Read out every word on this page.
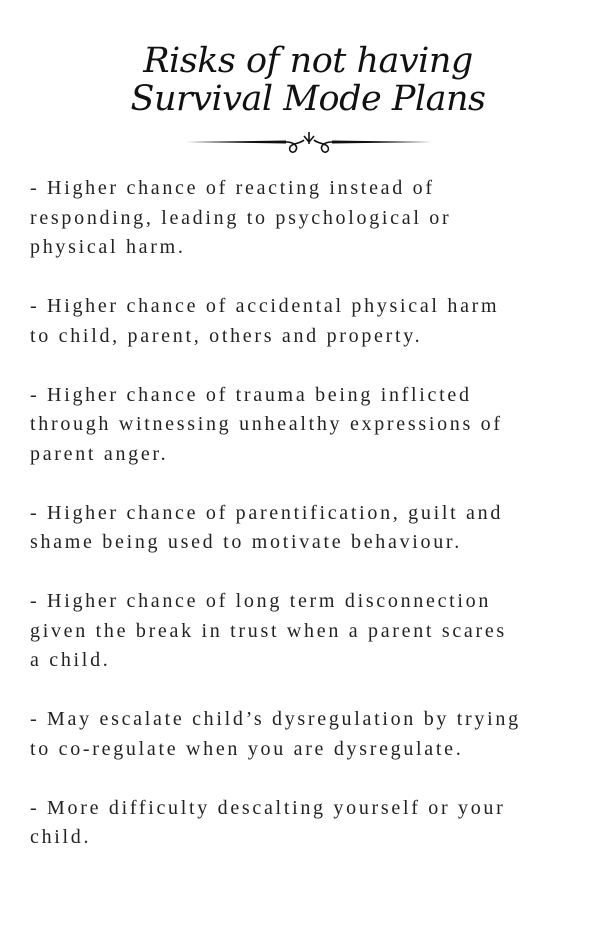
Risks of not having
Survival Mode Plans
- Higher chance of reacting instead of
responding, leading to psychological or
physical harm.
- Higher chance of accidental physical harm
to child, parent, others and property.
- Higher chance of trauma being inflicted
through witnessing unhealthy expressions of
parent anger.
- Higher chance of parentification, guilt and
shame being used to motivate behaviour.
- Higher chance of long term disconnection
given the break in trust when a parent scares
a child.
- May escalate child’s dysregulation by trying
to co-regulate when you are dysregulate.
- More difficulty descalting yourself or your
child.
